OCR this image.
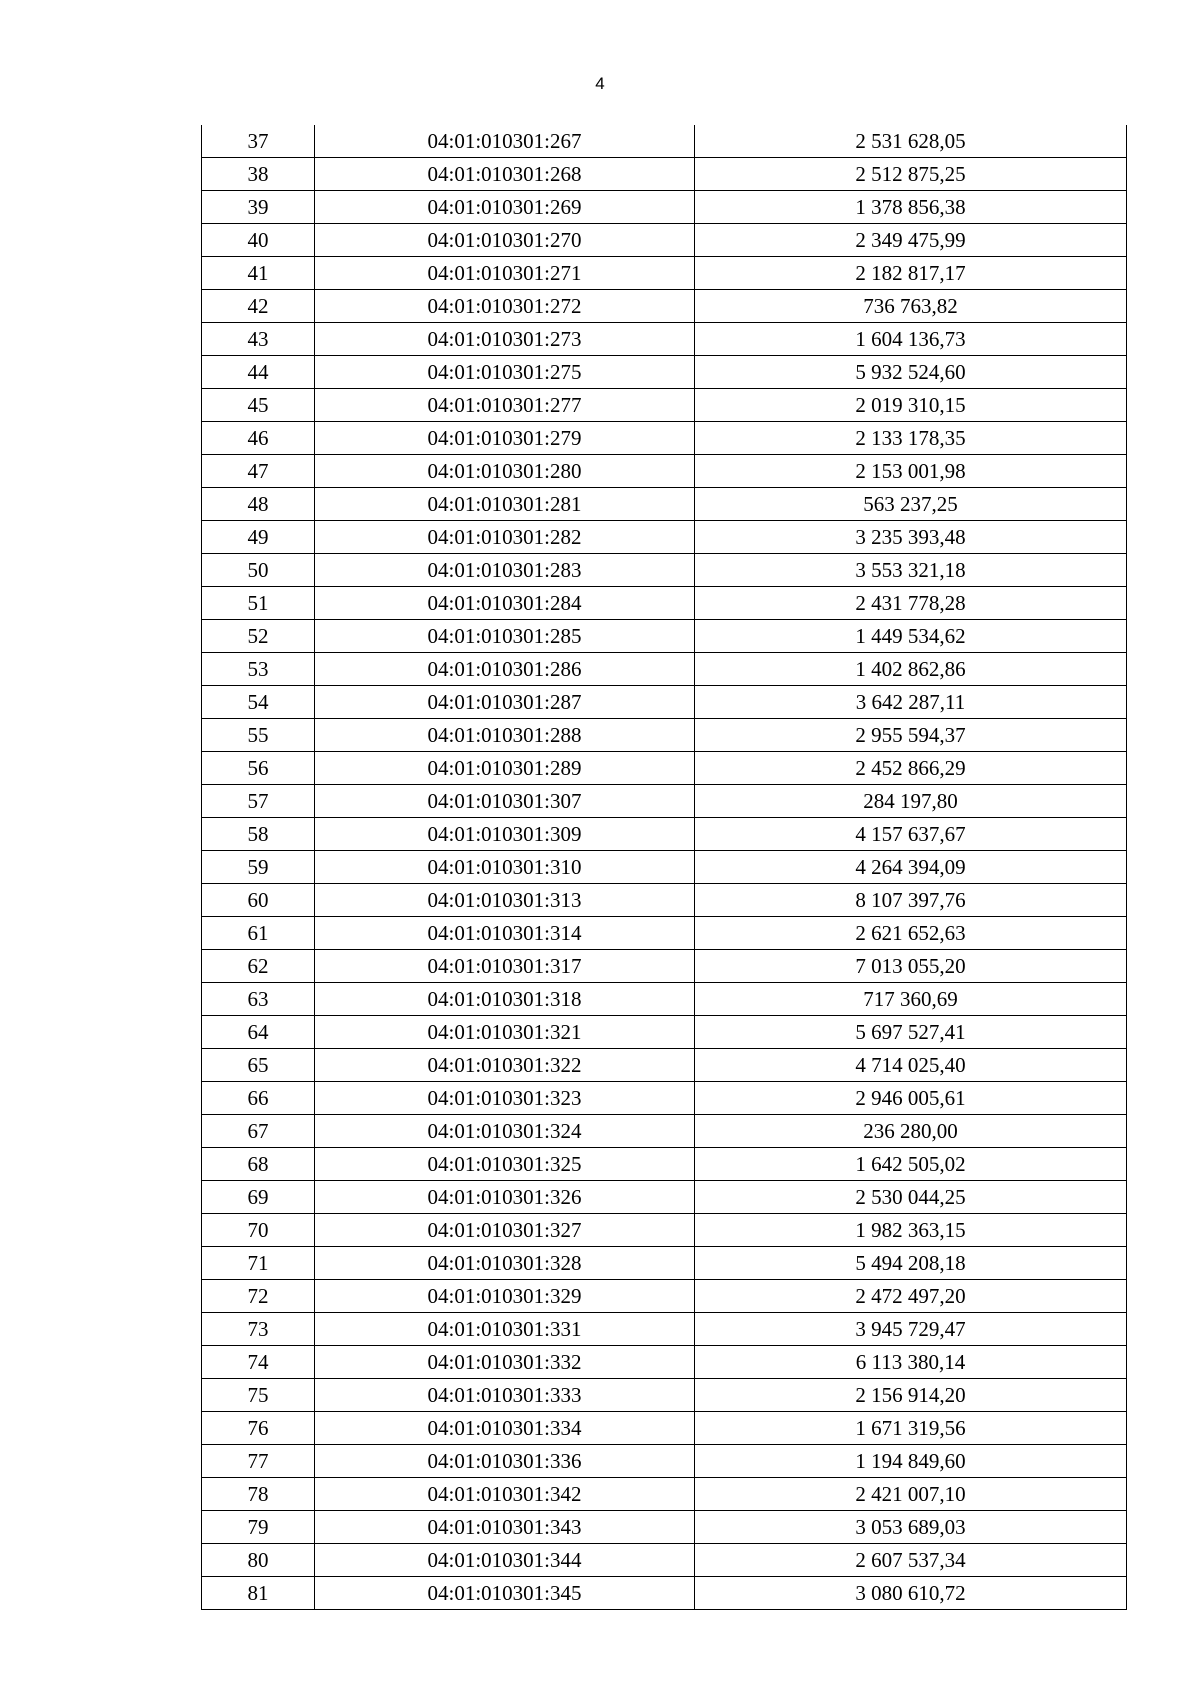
4
37	04:01:010301:267	2 531 628,05
38	04:01:010301:268	2 512 875,25
39	04:01:010301:269	1 378 856,38
40	04:01:010301:270	2 349 475,99
41	04:01:010301:271	2 182 817,17
42	04:01:010301:272	736 763,82
43	04:01:010301:273	1 604 136,73
44	04:01:010301:275	5 932 524,60
45	04:01:010301:277	2 019 310,15
46	04:01:010301:279	2 133 178,35
47	04:01:010301:280	2 153 001,98
48	04:01:010301:281	563 237,25
49	04:01:010301:282	3 235 393,48
50	04:01:010301:283	3 553 321,18
51	04:01:010301:284	2 431 778,28
52	04:01:010301:285	1 449 534,62
53	04:01:010301:286	1 402 862,86
54	04:01:010301:287	3 642 287,11
55	04:01:010301:288	2 955 594,37
56	04:01:010301:289	2 452 866,29
57	04:01:010301:307	284 197,80
58	04:01:010301:309	4 157 637,67
59	04:01:010301:310	4 264 394,09
60	04:01:010301:313	8 107 397,76
61	04:01:010301:314	2 621 652,63
62	04:01:010301:317	7 013 055,20
63	04:01:010301:318	717 360,69
64	04:01:010301:321	5 697 527,41
65	04:01:010301:322	4 714 025,40
66	04:01:010301:323	2 946 005,61
67	04:01:010301:324	236 280,00
68	04:01:010301:325	1 642 505,02
69	04:01:010301:326	2 530 044,25
70	04:01:010301:327	1 982 363,15
71	04:01:010301:328	5 494 208,18
72	04:01:010301:329	2 472 497,20
73	04:01:010301:331	3 945 729,47
74	04:01:010301:332	6 113 380,14
75	04:01:010301:333	2 156 914,20
76	04:01:010301:334	1 671 319,56
77	04:01:010301:336	1 194 849,60
78	04:01:010301:342	2 421 007,10
79	04:01:010301:343	3 053 689,03
80	04:01:010301:344	2 607 537,34
81	04:01:010301:345	3 080 610,72
